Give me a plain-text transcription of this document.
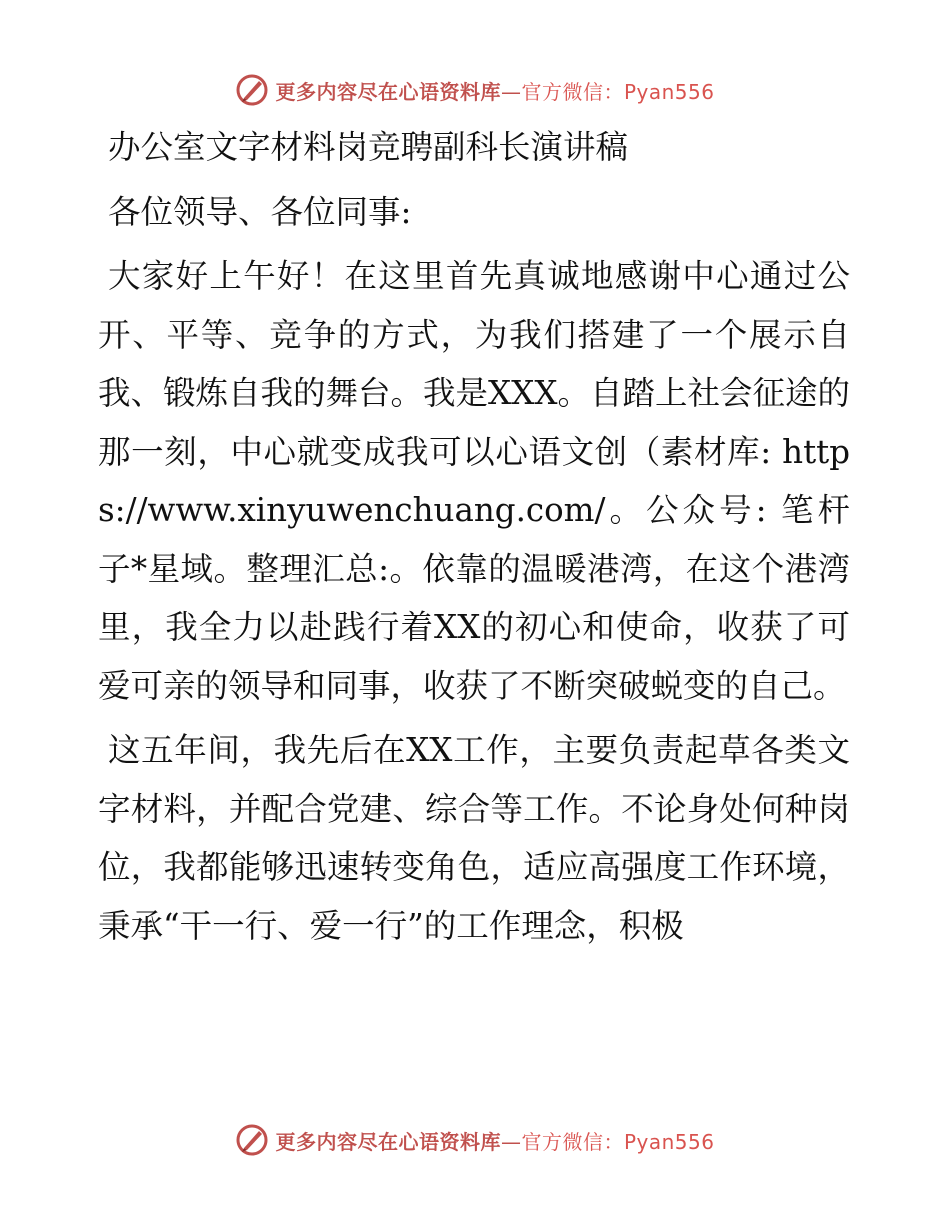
更多内容尽在心语资料库—官方微信：Pyan556

办公室文字材料岗竞聘副科长演讲稿

各位领导、各位同事:

大家好上午好！在这里首先真诚地感谢中心通过公开、平等、竞争的方式，为我们搭建了一个展示自我、锻炼自我的舞台。我是XXX。自踏上社会征途的那一刻，中心就变成我可以心语文创（素材库: https://www.xinyuwenchuang.com/。公众号: 笔杆子*星域。整理汇总:。依靠的温暖港湾，在这个港湾里，我全力以赴践行着XX的初心和使命，收获了可爱可亲的领导和同事，收获了不断突破蜕变的自己。

这五年间，我先后在XX工作，主要负责起草各类文字材料，并配合党建、综合等工作。不论身处何种岗位，我都能够迅速转变角色，适应高强度工作环境，秉承“干一行、爱一行”的工作理念，积极

更多内容尽在心语资料库—官方微信：Pyan556
